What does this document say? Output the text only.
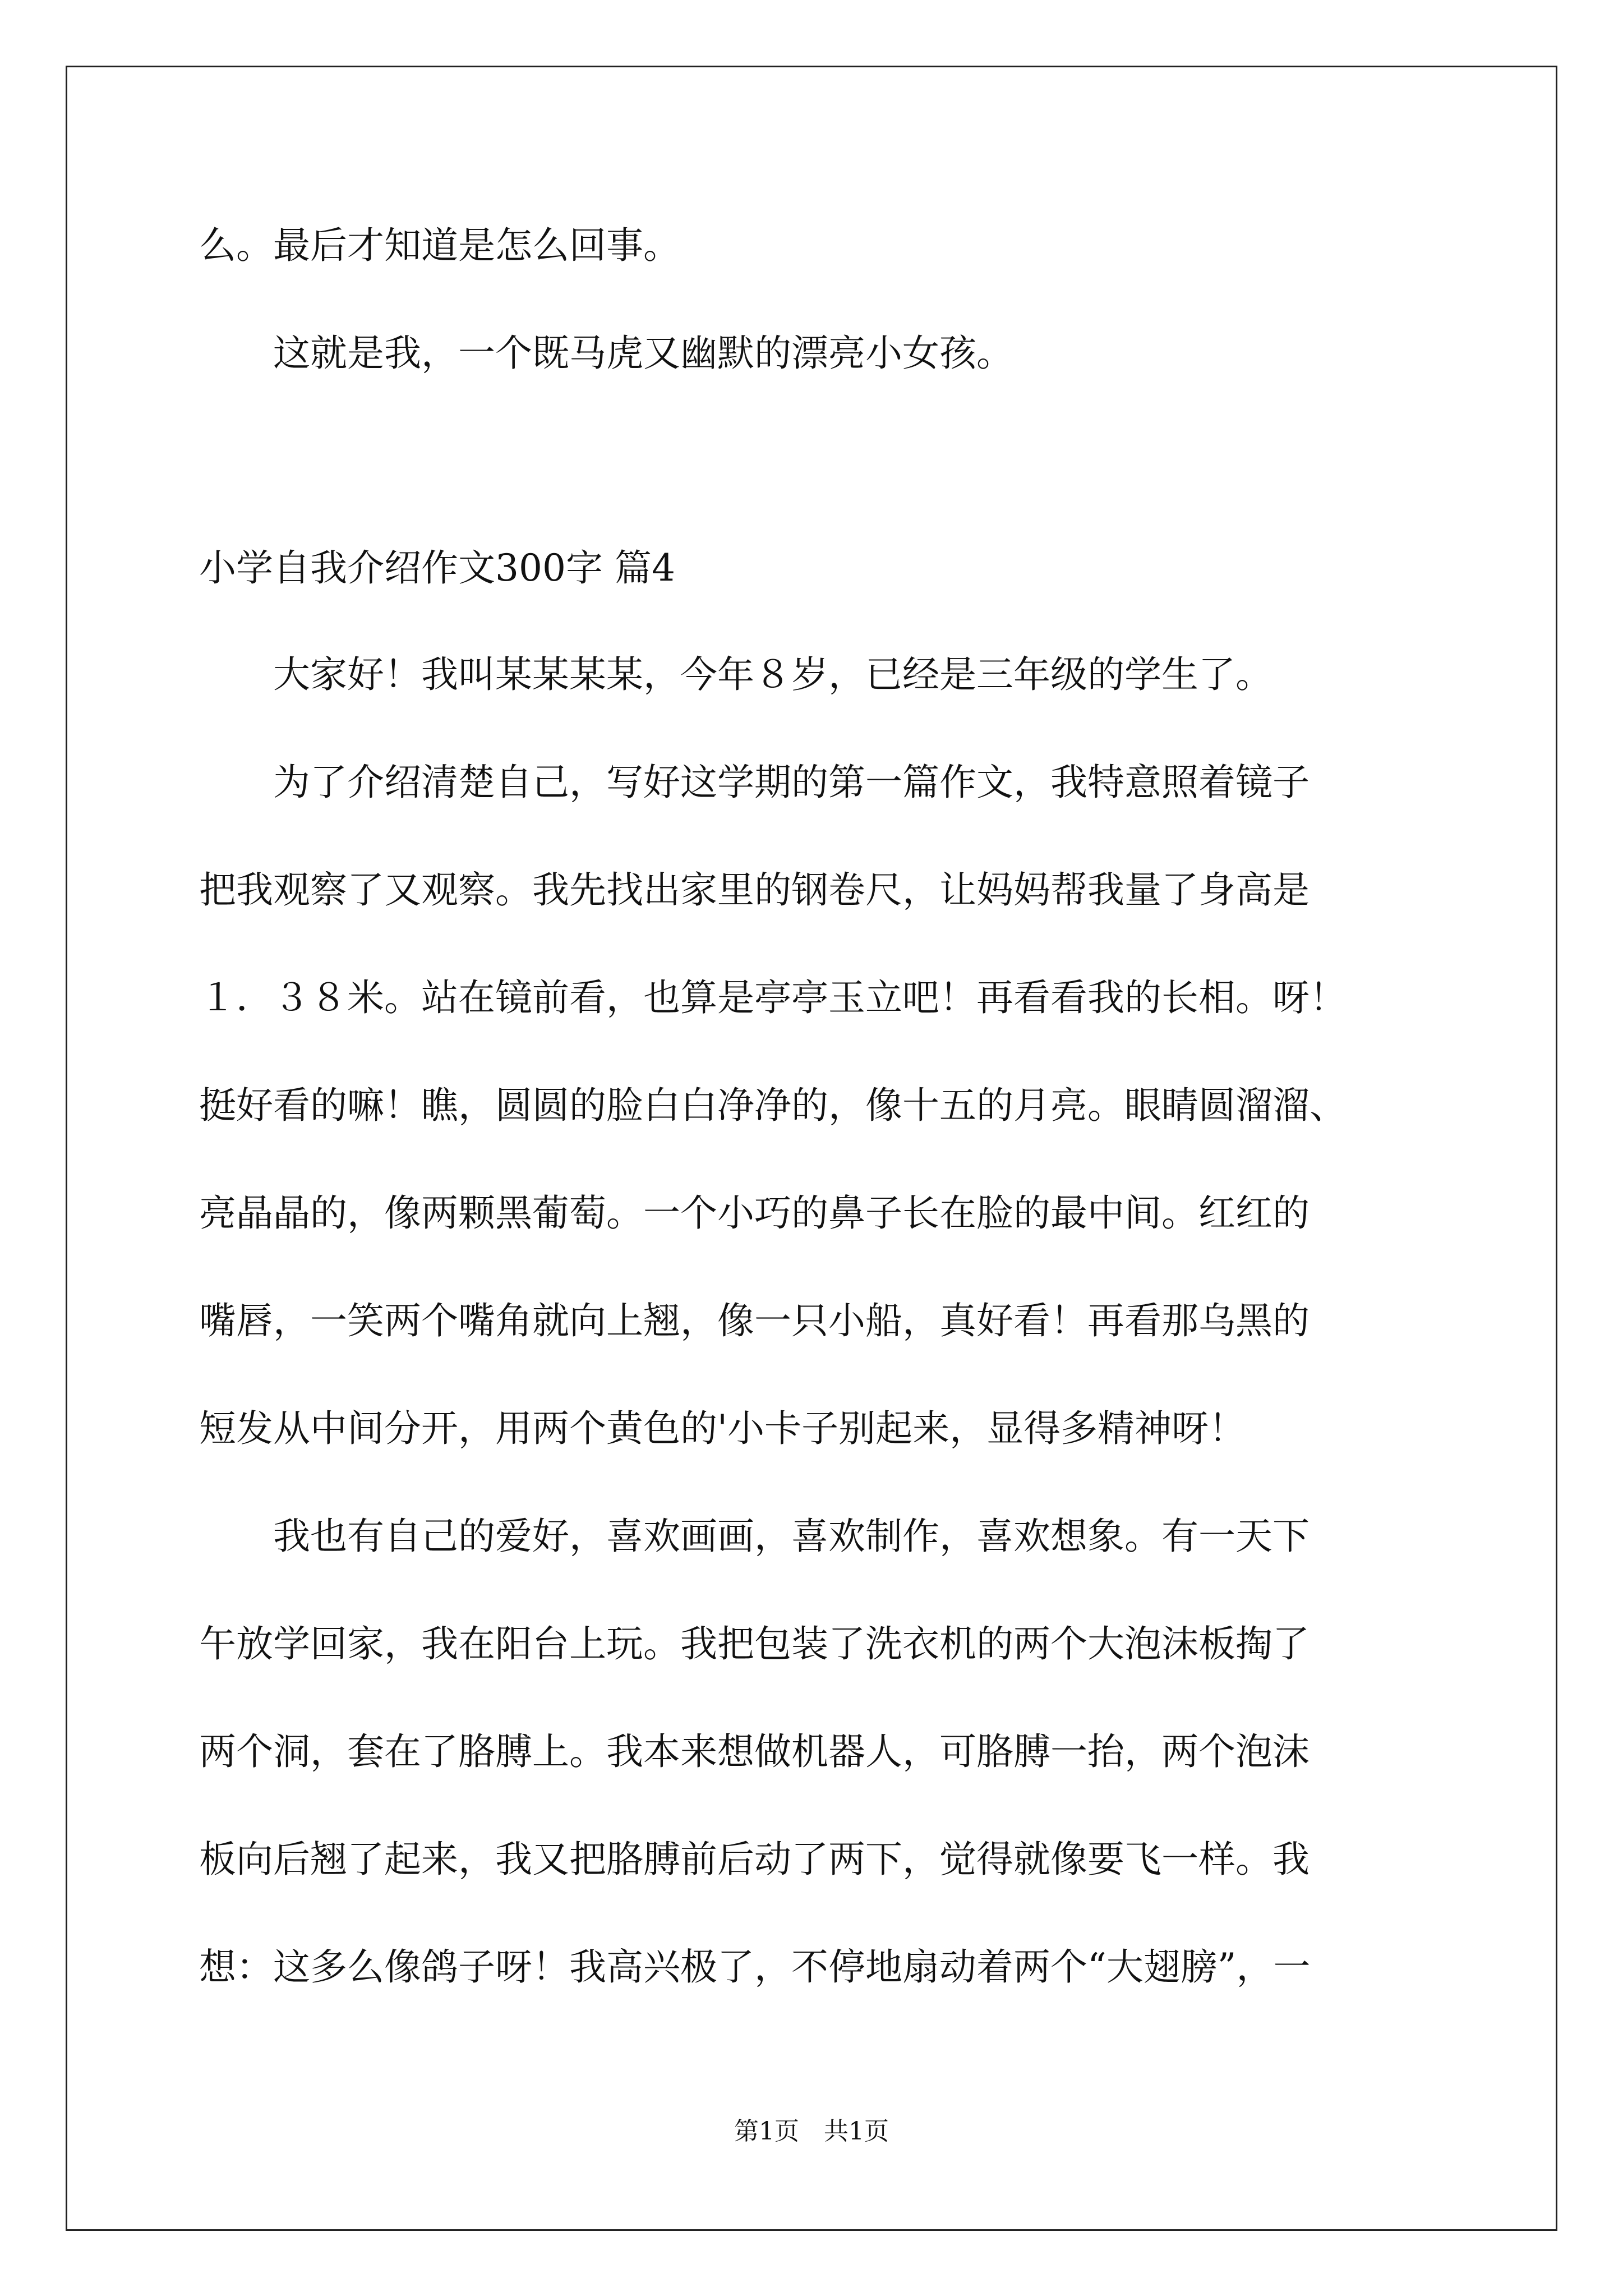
么。最后才知道是怎么回事。
　　这就是我，一个既马虎又幽默的漂亮小女孩。
小学自我介绍作文300字 篇4
　　大家好！我叫某某某某，今年８岁，已经是三年级的学生了。
　　为了介绍清楚自己，写好这学期的第一篇作文，我特意照着镜子
把我观察了又观察。我先找出家里的钢卷尺，让妈妈帮我量了身高是
１．３８米。站在镜前看，也算是亭亭玉立吧！再看看我的长相。呀！
挺好看的嘛！瞧，圆圆的脸白白净净的，像十五的月亮。眼睛圆溜溜、
亮晶晶的，像两颗黑葡萄。一个小巧的鼻子长在脸的最中间。红红的
嘴唇，一笑两个嘴角就向上翘，像一只小船，真好看！再看那乌黑的
短发从中间分开，用两个黄色的'小卡子别起来，显得多精神呀！
　　我也有自己的爱好，喜欢画画，喜欢制作，喜欢想象。有一天下
午放学回家，我在阳台上玩。我把包装了洗衣机的两个大泡沫板掏了
两个洞，套在了胳膊上。我本来想做机器人，可胳膊一抬，两个泡沫
板向后翘了起来，我又把胳膊前后动了两下，觉得就像要飞一样。我
想：这多么像鸽子呀！我高兴极了，不停地扇动着两个“大翅膀”，一
第1页　共1页
